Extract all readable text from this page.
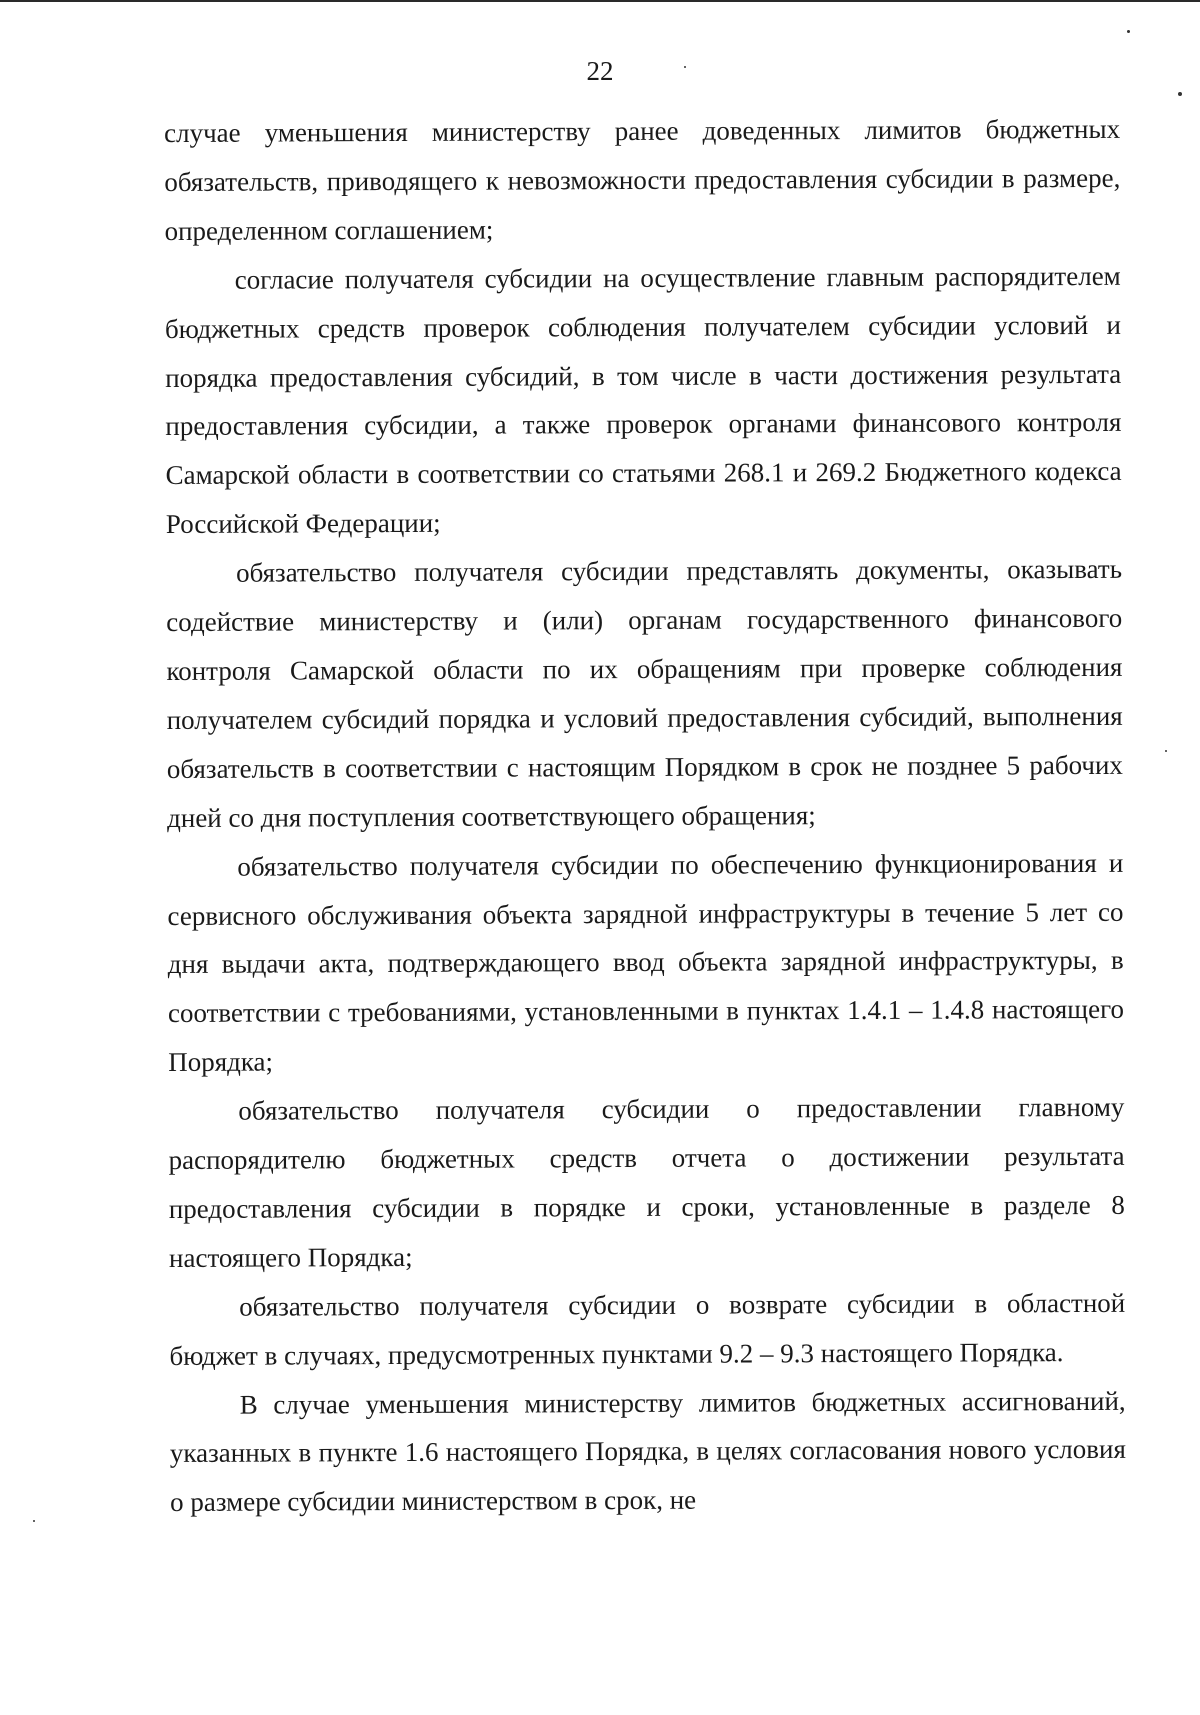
22

случае уменьшения министерству ранее доведенных лимитов бюджетных обязательств, приводящего к невозможности предоставления субсидии в размере, определенном соглашением;

согласие получателя субсидии на осуществление главным распорядителем бюджетных средств проверок соблюдения получателем субсидии условий и порядка предоставления субсидий, в том числе в части достижения результата предоставления субсидии, а также проверок органами финансового контроля Самарской области в соответствии со статьями 268.1 и 269.2 Бюджетного кодекса Российской Федерации;

обязательство получателя субсидии представлять документы, оказывать содействие министерству и (или) органам государственного финансового контроля Самарской области по их обращениям при проверке соблюдения получателем субсидий порядка и условий предоставления субсидий, выполнения обязательств в соответствии с настоящим Порядком в срок не позднее 5 рабочих дней со дня поступления соответствующего обращения;

обязательство получателя субсидии по обеспечению функционирования и сервисного обслуживания объекта зарядной инфраструктуры в течение 5 лет со дня выдачи акта, подтверждающего ввод объекта зарядной инфраструктуры, в соответствии с требованиями, установленными в пунктах 1.4.1 – 1.4.8 настоящего Порядка;

обязательство получателя субсидии о предоставлении главному распорядителю бюджетных средств отчета о достижении результата предоставления субсидии в порядке и сроки, установленные в разделе 8 настоящего Порядка;

обязательство получателя субсидии о возврате субсидии в областной бюджет в случаях, предусмотренных пунктами 9.2 – 9.3 настоящего Порядка.

В случае уменьшения министерству лимитов бюджетных ассигнований, указанных в пункте 1.6 настоящего Порядка, в целях согласования нового условия о размере субсидии министерством в срок, не
